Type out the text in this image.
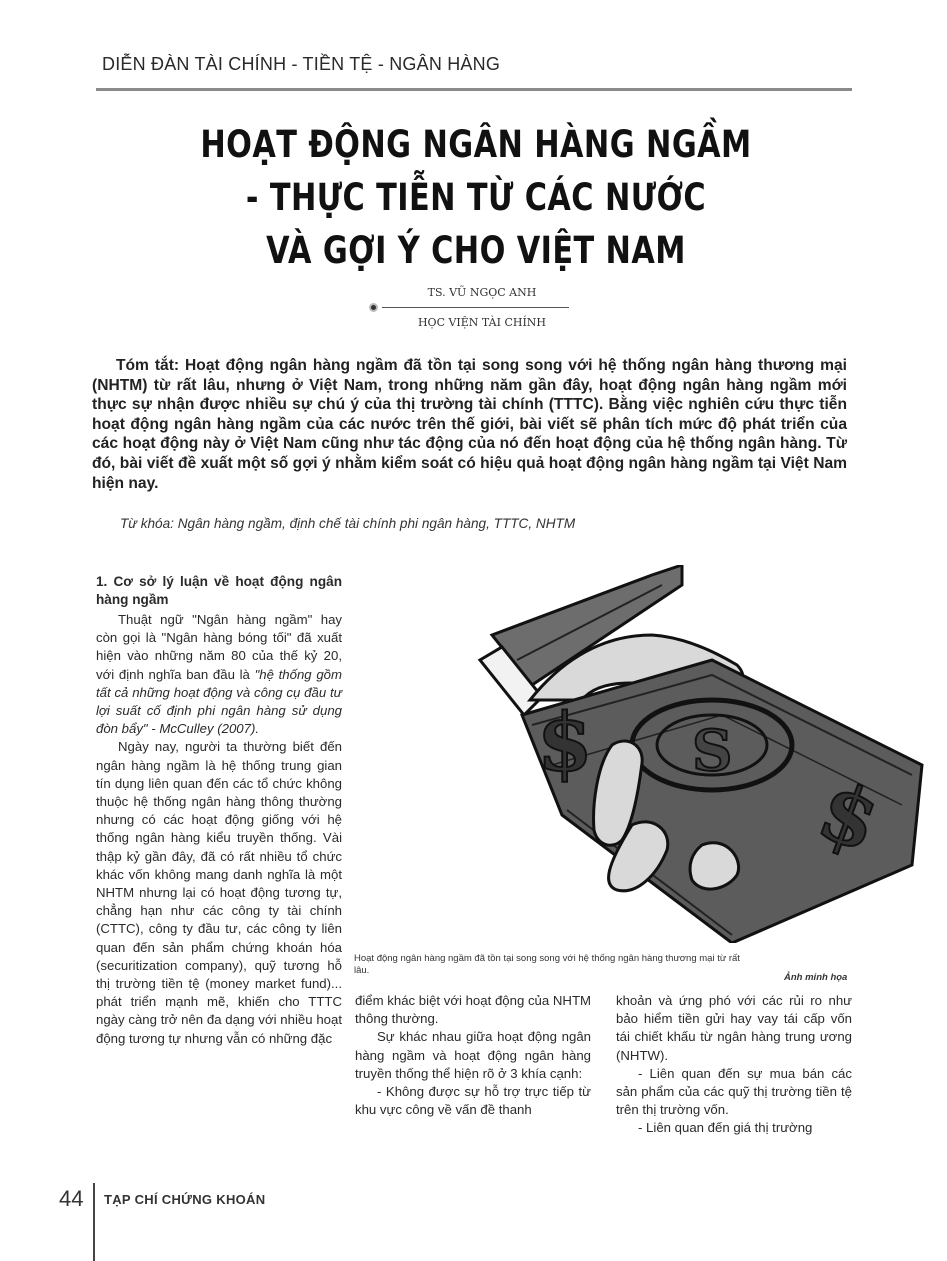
DIỄN ĐÀN TÀI CHÍNH - TIỀN TỆ - NGÂN HÀNG
HOẠT ĐỘNG NGÂN HÀNG NGẦM
- THỰC TIỄN TỪ CÁC NƯỚC
VÀ GỢI Ý CHO VIỆT NAM
TS. VŨ NGỌC ANH
HỌC VIỆN TÀI CHÍNH

Tóm tắt: Hoạt động ngân hàng ngầm đã tồn tại song song với hệ thống ngân hàng thương mại (NHTM) từ rất lâu, nhưng ở Việt Nam, trong những năm gần đây, hoạt động ngân hàng ngầm mới thực sự nhận được nhiều sự chú ý của thị trường tài chính (TTTC). Bằng việc nghiên cứu thực tiễn hoạt động ngân hàng ngầm của các nước trên thế giới, bài viết sẽ phân tích mức độ phát triển của các hoạt động này ở Việt Nam cũng như tác động của nó đến hoạt động của hệ thống ngân hàng. Từ đó, bài viết đề xuất một số gợi ý nhằm kiểm soát có hiệu quả hoạt động ngân hàng ngầm tại Việt Nam hiện nay.

Từ khóa: Ngân hàng ngầm, định chế tài chính phi ngân hàng, TTTC, NHTM

1. Cơ sở lý luận về hoạt động ngân hàng ngầm

Thuật ngữ "Ngân hàng ngầm" hay còn gọi là "Ngân hàng bóng tối" đã xuất hiện vào những năm 80 của thế kỷ 20, với định nghĩa ban đầu là "hệ thống gồm tất cả những hoạt động và công cụ đầu tư lợi suất cố định phi ngân hàng sử dụng đòn bẩy" - McCulley (2007).

Ngày nay, người ta thường biết đến ngân hàng ngầm là hệ thống trung gian tín dụng liên quan đến các tổ chức không thuộc hệ thống ngân hàng thông thường nhưng có các hoạt động giống với hệ thống ngân hàng kiểu truyền thống. Vài thập kỷ gần đây, đã có rất nhiều tổ chức khác vốn không mang danh nghĩa là một NHTM nhưng lại có hoạt động tương tự, chẳng hạn như các công ty tài chính (CTTC), công ty đầu tư, các công ty liên quan đến sản phẩm chứng khoán hóa (securitization company), quỹ tương hỗ thị trường tiền tệ (money market fund)... phát triển mạnh mẽ, khiến cho TTTC ngày càng trở nên đa dạng với nhiều hoạt động tương tự nhưng vẫn có những đặc

$
$
S

Hoạt động ngân hàng ngầm đã tồn tại song song với hệ thống ngân hàng thương mại từ rất lâu.

Ảnh minh họa

điểm khác biệt với hoạt động của NHTM thông thường.

Sự khác nhau giữa hoạt động ngân hàng ngầm và hoạt động ngân hàng truyền thống thể hiện rõ ở 3 khía cạnh:

- Không được sự hỗ trợ trực tiếp từ khu vực công về vấn đề thanh

khoản và ứng phó với các rủi ro như bảo hiểm tiền gửi hay vay tái cấp vốn tái chiết khấu từ ngân hàng trung ương (NHTW).

- Liên quan đến sự mua bán các sản phẩm của các quỹ thị trường tiền tệ trên thị trường vốn.

- Liên quan đến giá thị trường

44 TẠP CHÍ CHỨNG KHOÁN
